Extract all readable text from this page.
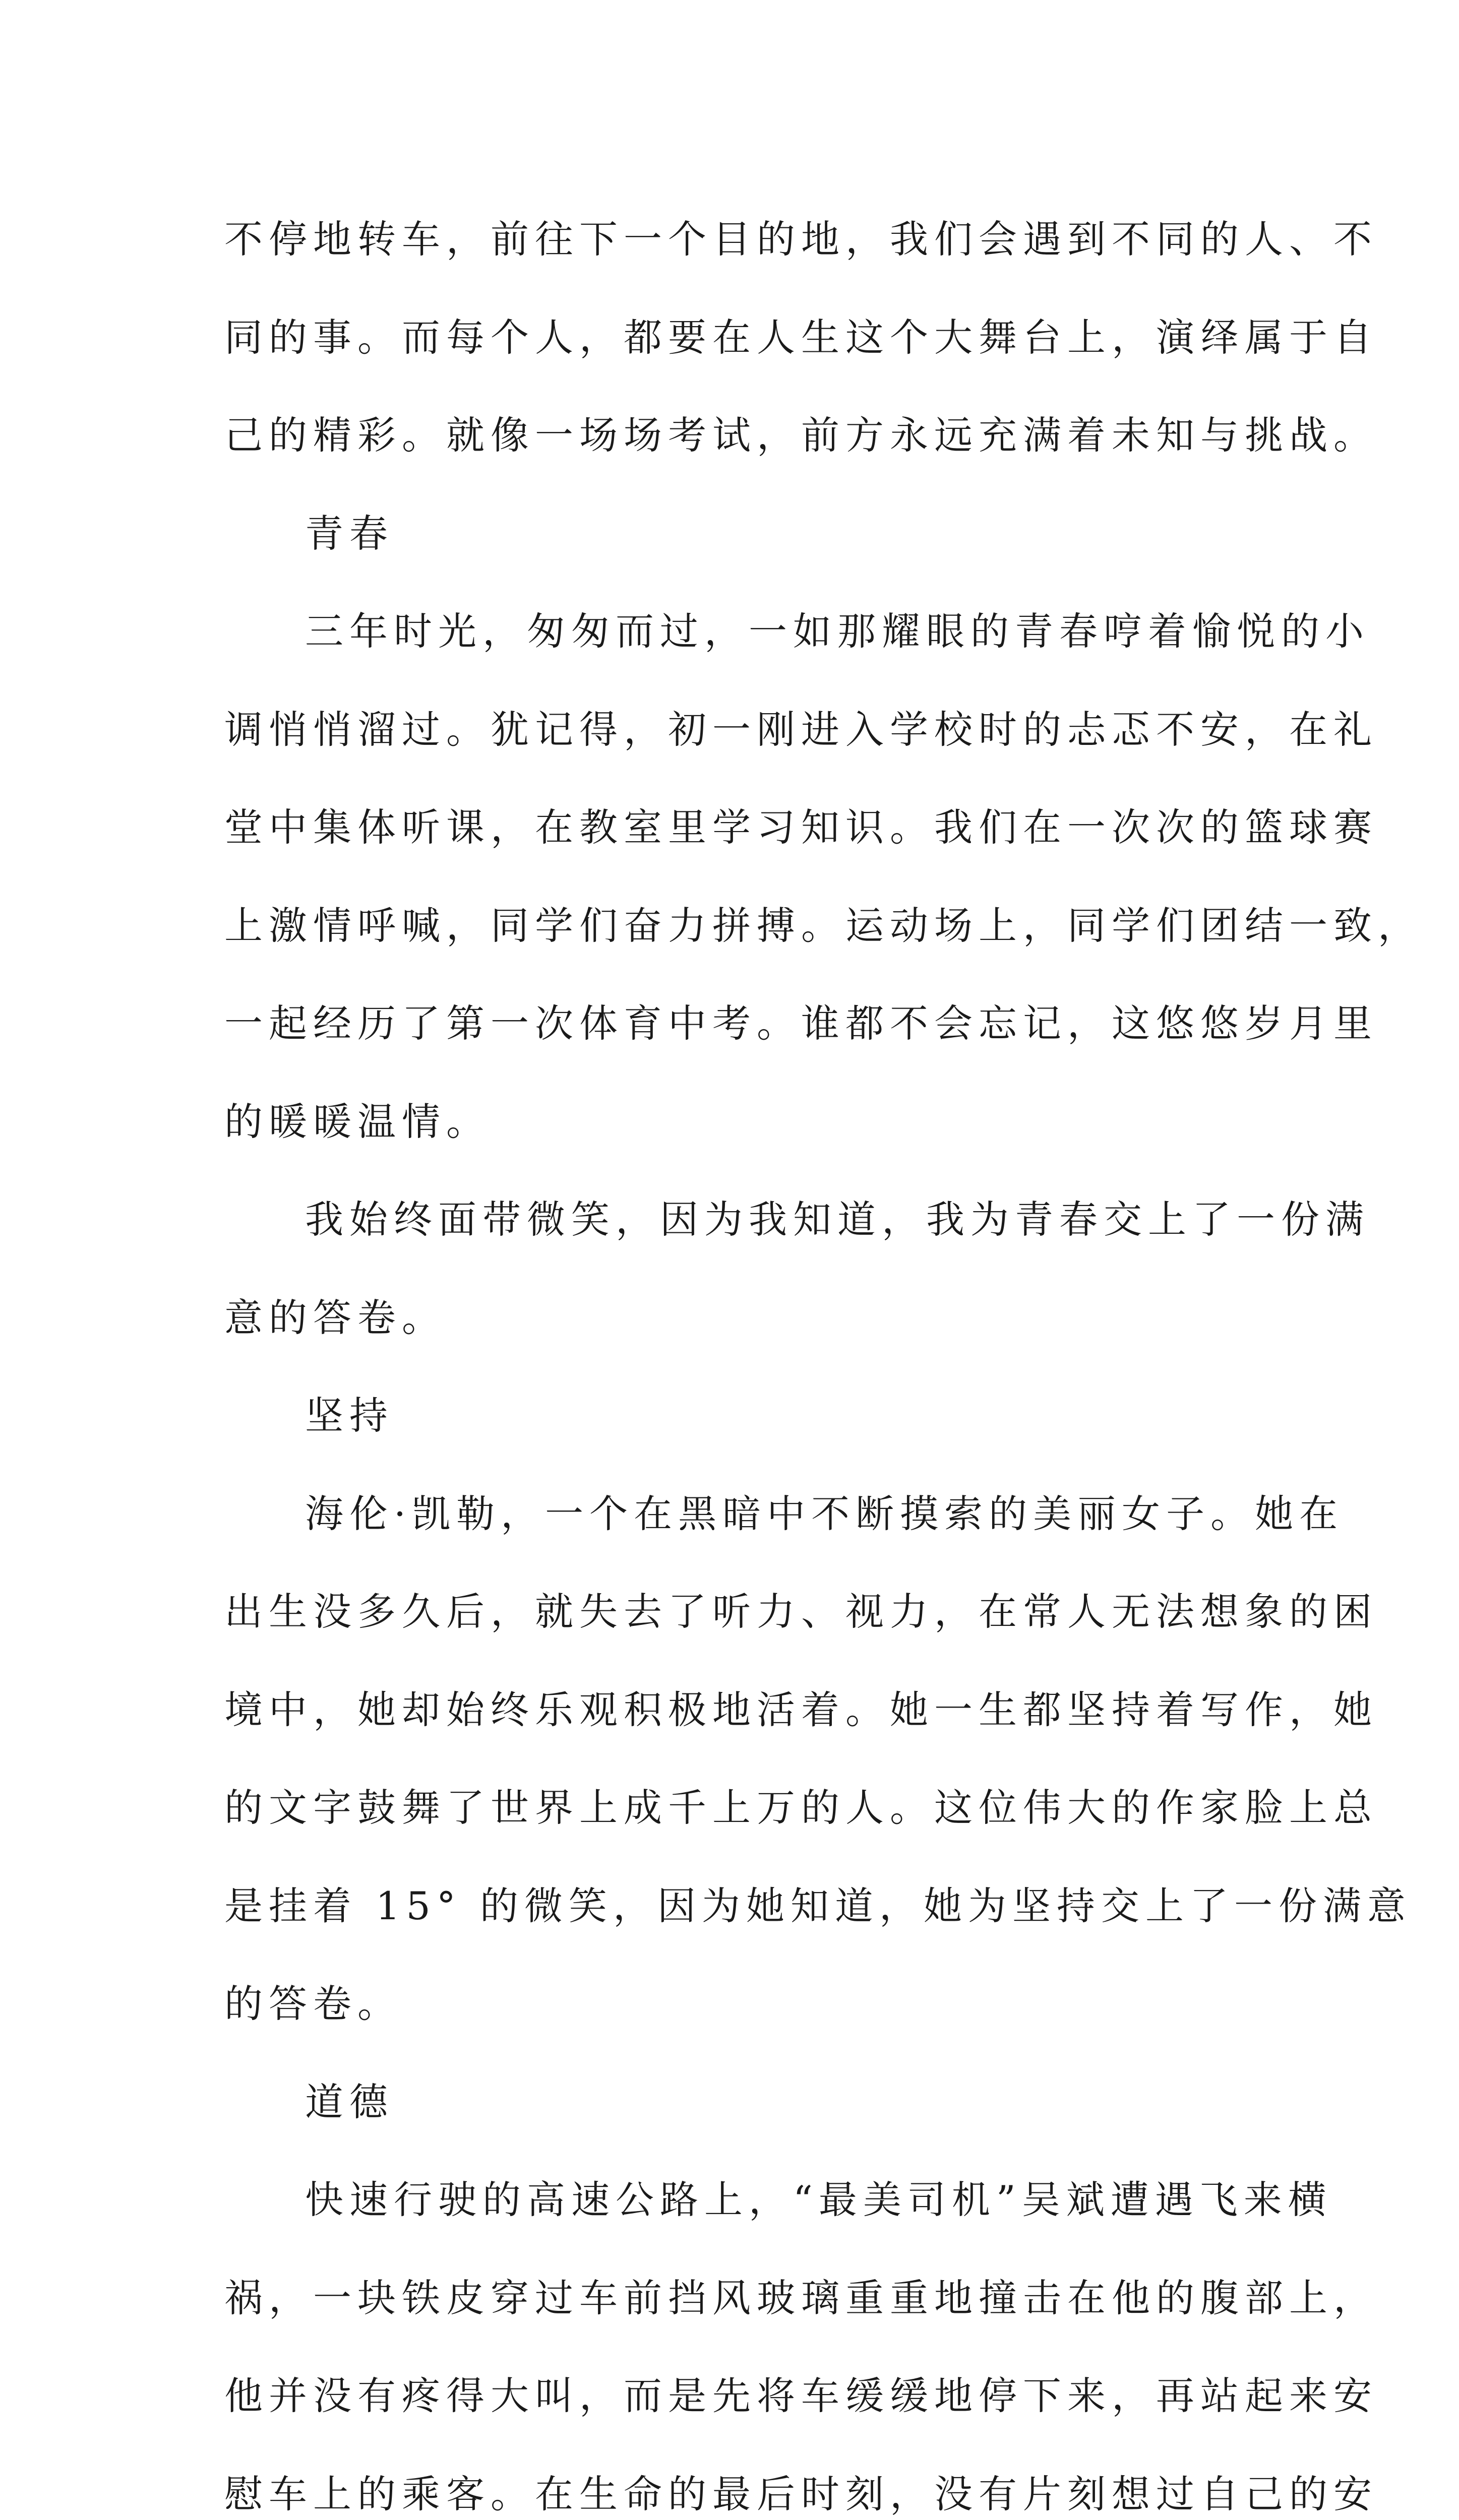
不停地转车，前往下一个目的地，我们会遇到不同的人、不
同的事。而每个人，都要在人生这个大舞台上，演绎属于自
己的精彩。就像一场场考试，前方永远充满着未知与挑战。
青春
三年时光，匆匆而过，一如那耀眼的青春哼着愉悦的小
调悄悄溜过。犹记得，初一刚进入学校时的忐忑不安，在礼
堂中集体听课，在教室里学习知识。我们在一次次的篮球赛
上激情呼喊，同学们奋力拼搏。运动场上，同学们团结一致，
一起经历了第一次体育中考。谁都不会忘记，这悠悠岁月里
的暖暖温情。
我始终面带微笑，因为我知道，我为青春交上了一份满
意的答卷。
坚持
海伦·凯勒，一个在黑暗中不断摸索的美丽女子。她在
出生没多久后，就失去了听力、视力，在常人无法想象的困
境中，她却始终乐观积极地活着。她一生都坚持着写作，她
的文字鼓舞了世界上成千上万的人。这位伟大的作家脸上总
是挂着 15° 的微笑，因为她知道，她为坚持交上了一份满意
的答卷。
道德
快速行驶的高速公路上，“最美司机”吴斌遭遇飞来横
祸，一块铁皮穿过车前挡风玻璃重重地撞击在他的腹部上，
他并没有疼得大叫，而是先将车缓缓地停下来，再站起来安
慰车上的乘客。在生命的最后时刻，没有片刻想过自己的安
